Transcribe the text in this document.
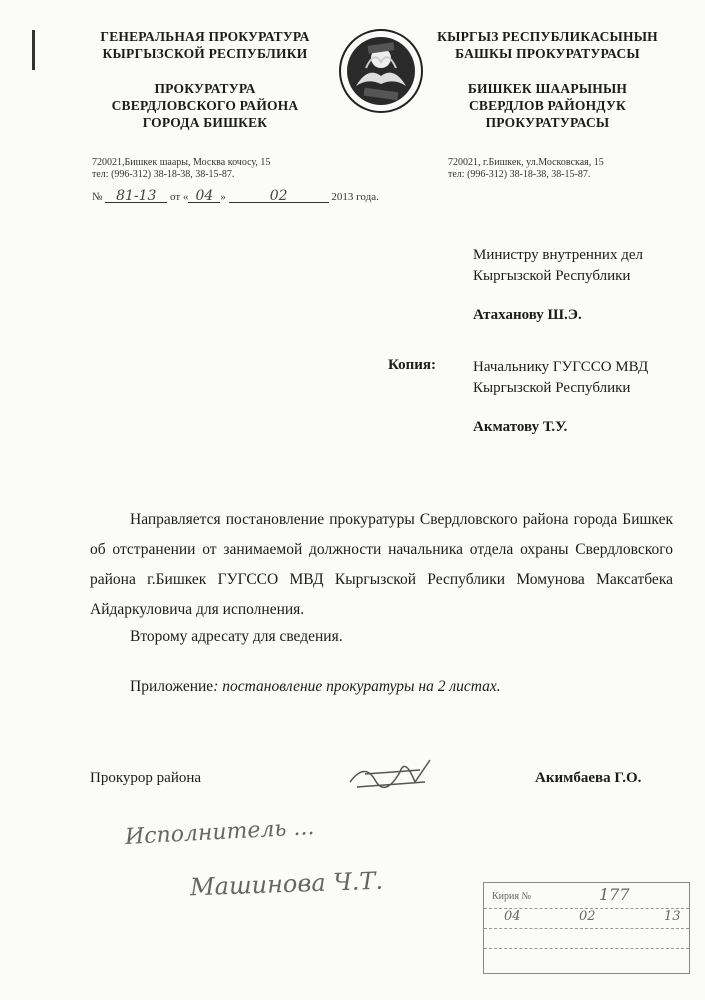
ГЕНЕРАЛЬНАЯ ПРОКУРАТУРА
КЫРГЫЗСКОЙ РЕСПУБЛИКИ
ПРОКУРАТУРА
СВЕРДЛОВСКОГО РАЙОНА
ГОРОДА БИШКЕК
КЫРГЫЗ РЕСПУБЛИКАСЫНЫН
БАШКЫ ПРОКУРАТУРАСЫ
БИШКЕК ШААРЫНЫН
СВЕРДЛОВ РАЙОНДУК
ПРОКУРАТУРАСЫ
720021,Бишкек шаары, Москва кочосу, 15
тел: (996-312) 38-18-38, 38-15-87.
720021, г.Бишкек, ул.Московская, 15
тел: (996-312) 38-18-38, 38-15-87.
№ 81-13 от « 04 »	02	2013 года.
Министру внутренних дел
Кыргызской Республики
Атаханову Ш.Э.
Копия: Начальнику ГУГССО МВД
Кыргызской Республики
Акматову Т.У.
Направляется постановление прокуратуры Свердловского района города Бишкек об отстранении от занимаемой должности начальника отдела охраны Свердловского района г.Бишкек ГУГССО МВД Кыргызской Республики Момунова Максатбека Айдаркуловича для исполнения.
Второму адресату для сведения.
Приложение: постановление прокуратуры на 2 листах.
Прокурор района	Акимбаева Г.О.
Исполнитель ...
Машинова Ч.Т.	Кирия №	177
04	02	13
